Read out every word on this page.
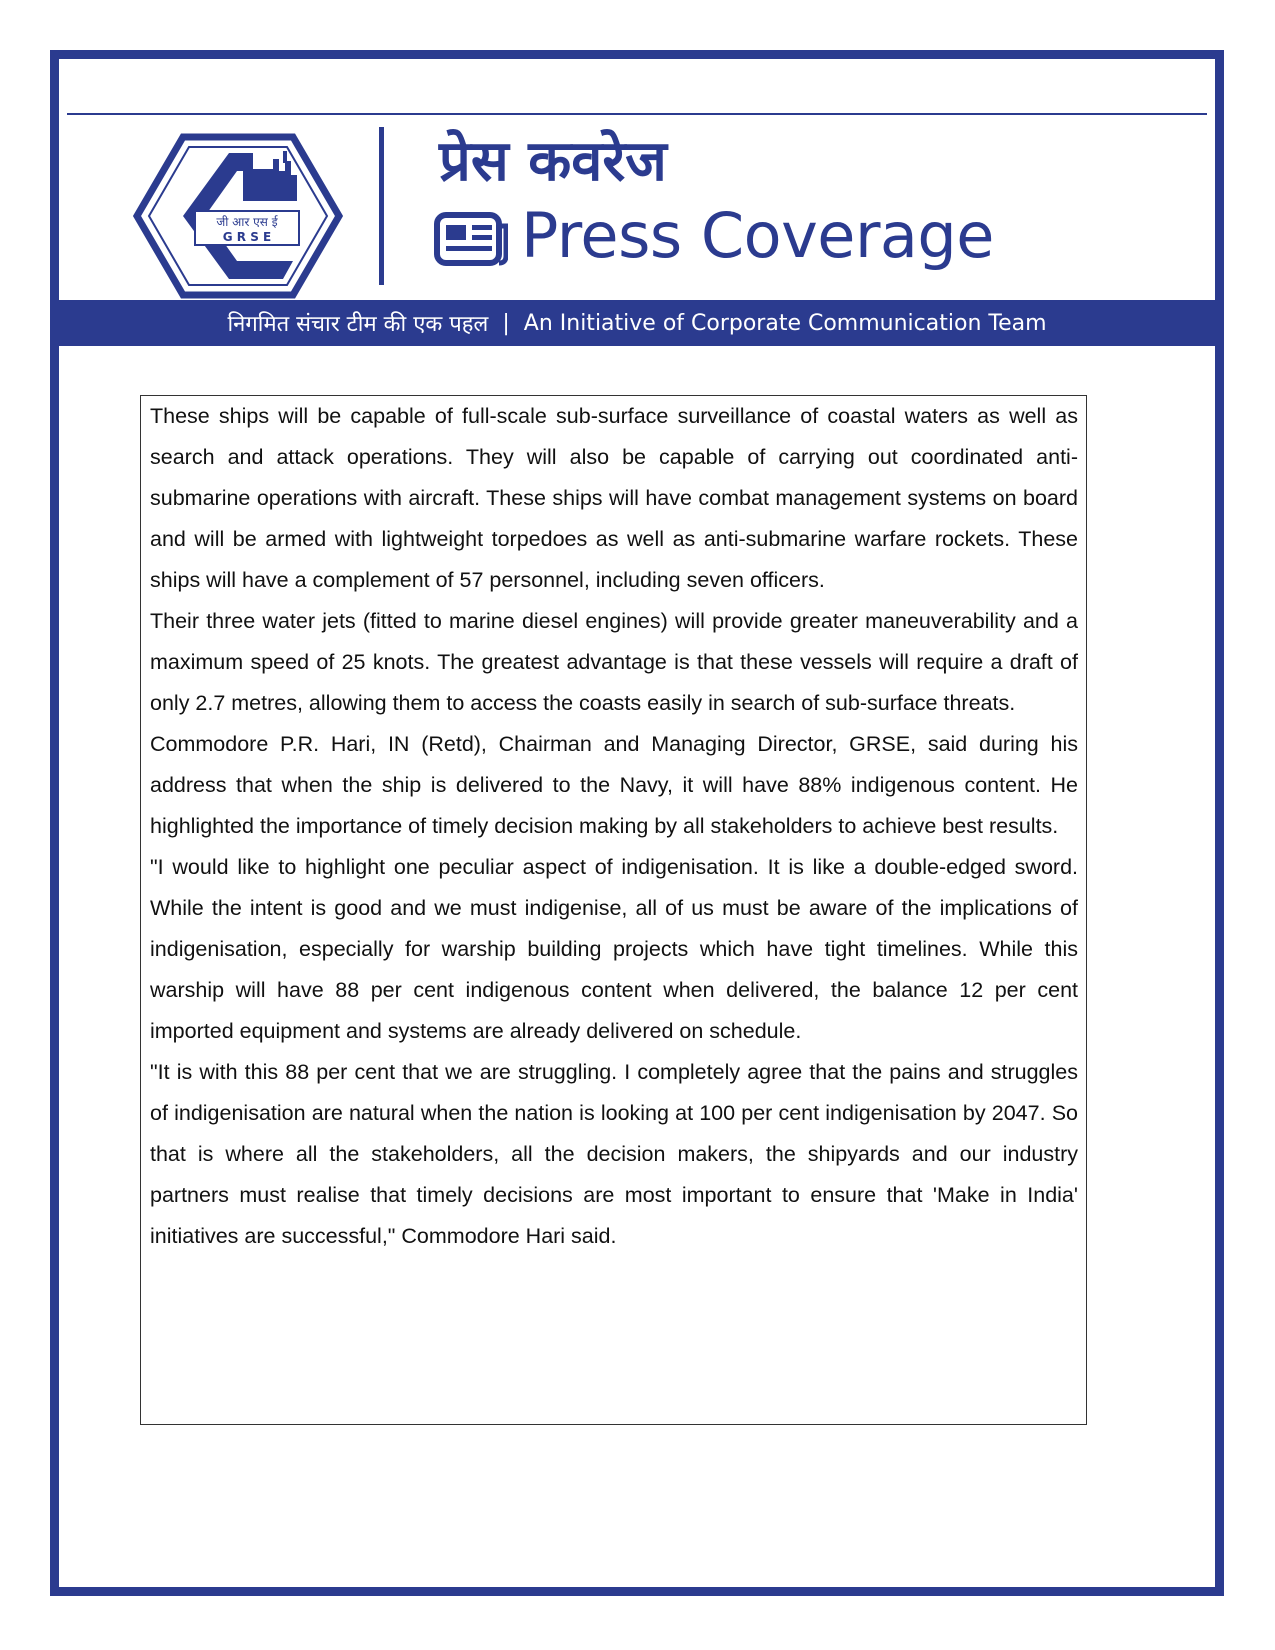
जी आर एस ई
G R S E
प्रेस कवरेज
Press Coverage
निगमित संचार टीम की एक पहल | An Initiative of Corporate Communication Team

These ships will be capable of full-scale sub-surface surveillance of coastal waters as well as search and attack operations. They will also be capable of carrying out coordinated anti-submarine operations with aircraft. These ships will have combat management systems on board and will be armed with lightweight torpedoes as well as anti-submarine warfare rockets. These ships will have a complement of 57 personnel, including seven officers.

Their three water jets (fitted to marine diesel engines) will provide greater maneuverability and a maximum speed of 25 knots. The greatest advantage is that these vessels will require a draft of only 2.7 metres, allowing them to access the coasts easily in search of sub-surface threats.

Commodore P.R. Hari, IN (Retd), Chairman and Managing Director, GRSE, said during his address that when the ship is delivered to the Navy, it will have 88% indigenous content. He highlighted the importance of timely decision making by all stakeholders to achieve best results.

"I would like to highlight one peculiar aspect of indigenisation. It is like a double-edged sword. While the intent is good and we must indigenise, all of us must be aware of the implications of indigenisation, especially for warship building projects which have tight timelines. While this warship will have 88 per cent indigenous content when delivered, the balance 12 per cent imported equipment and systems are already delivered on schedule.

"It is with this 88 per cent that we are struggling. I completely agree that the pains and struggles of indigenisation are natural when the nation is looking at 100 per cent indigenisation by 2047. So that is where all the stakeholders, all the decision makers, the shipyards and our industry partners must realise that timely decisions are most important to ensure that 'Make in India' initiatives are successful," Commodore Hari said.
